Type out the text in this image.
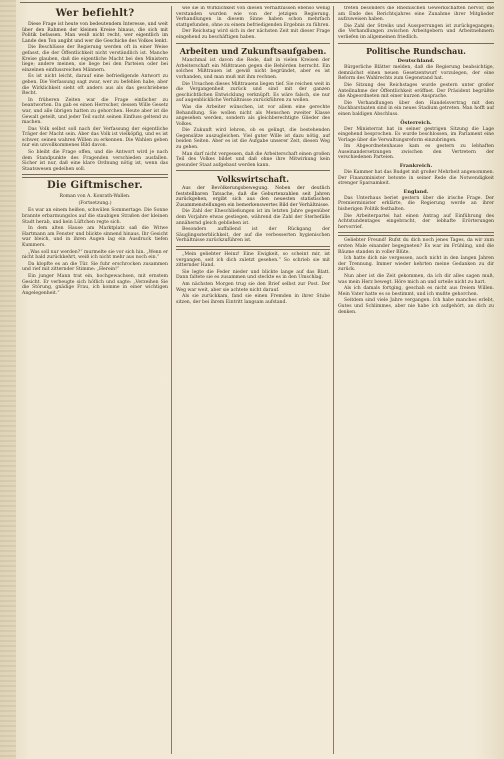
Wer befiehlt?

Diese Frage ist heute von bedeutendem Interesse, und weit über den Rahmen der kleinen Kreise hinaus, die sich mit Politik befassen. Man weiß nicht recht, wer eigentlich im Lande den Ton angibt und wer die Geschicke des Volkes lenkt.

Die Beschlüsse der Regierung werden oft in einer Weise gefasst, die der Öffentlichkeit nicht verständlich ist. Manche Kreise glauben, daß die eigentliche Macht bei den Ministern liege; andere meinen, sie liege bei den Parteien oder bei einzelnen einflussreichen Männern.

Es ist nicht leicht, darauf eine befriedigende Antwort zu geben. Die Verfassung sagt zwar, wer zu befehlen habe, aber die Wirklichkeit sieht oft anders aus als das geschriebene Recht.

In früheren Zeiten war die Frage einfacher zu beantworten. Da gab es einen Herrscher, dessen Wille Gesetz war, und alle übrigen hatten zu gehorchen. Heute aber ist die Gewalt geteilt, und jeder Teil sucht seinen Einfluss geltend zu machen.

Das Volk selbst soll nach der Verfassung der eigentliche Träger der Macht sein. Aber das Volk ist vielköpfig, und es ist schwer, seinen wahren Willen zu erkennen. Die Wahlen geben nur ein unvollkommenes Bild davon.

So bleibt die Frage offen, und die Antwort wird je nach dem Standpunkte des Fragenden verschieden ausfallen. Sicher ist nur, daß eine klare Ordnung nötig ist, wenn das Staatswesen gedeihen soll.

Die Giftmischer.
Roman von A. Konrath-Wallen.
(Fortsetzung.)

Es war an einem heißen, schwülen Sommertage. Die Sonne brannte erbarmungslos auf die staubigen Straßen der kleinen Stadt herab, und kein Lüftchen regte sich.

In dem alten Hause am Marktplatz saß die Witwe Hartmann am Fenster und blickte sinnend hinaus. Ihr Gesicht war bleich, und in ihren Augen lag ein Ausdruck tiefen Kummers.

„Was soll nur werden?“ murmelte sie vor sich hin. „Wenn er nicht bald zurückkehrt, weiß ich nicht mehr aus noch ein.“

Da klopfte es an die Tür. Sie fuhr erschrocken zusammen und rief mit zitternder Stimme: „Herein!“

Ein junger Mann trat ein, hochgewachsen, mit ernstem Gesicht. Er verbeugte sich höflich und sagte: „Verzeihen Sie die Störung, gnädige Frau, ich komme in einer wichtigen Angelegenheit.“

wie sie in Wirklichkeit von diesen Verhältnissen ebenso wenig verstanden wurden wie von der jetzigen Regierung. Verhandlungen in diesem Sinne haben schon mehrfach stattgefunden, ohne zu einem befriedigenden Ergebnis zu führen.

Der Reichstag wird sich in der nächsten Zeit mit dieser Frage eingehend zu beschäftigen haben.

Arbeiten und Zukunftsaufgaben.

Manchmal ist davon die Rede, daß in vielen Kreisen der Arbeiterschaft ein Mißtrauen gegen die Behörden herrscht. Ein solches Mißtrauen ist gewiß nicht begründet, aber es ist vorhanden, und man muß mit ihm rechnen.

Die Ursachen dieses Mißtrauens liegen tief. Sie reichen weit in die Vergangenheit zurück und sind mit der ganzen geschichtlichen Entwicklung verknüpft. Es wäre falsch, sie nur auf augenblickliche Verhältnisse zurückführen zu wollen.

Was die Arbeiter wünschen, ist vor allem eine gerechte Behandlung. Sie wollen nicht als Menschen zweiter Klasse angesehen werden, sondern als gleichberechtigte Glieder des Volkes.

Die Zukunft wird lehren, ob es gelingt, die bestehenden Gegensätze auszugleichen. Viel guter Wille ist dazu nötig, auf beiden Seiten. Aber es ist die Aufgabe unserer Zeit, diesen Weg zu gehen.

Man darf nicht vergessen, daß die Arbeiterschaft einen großen Teil des Volkes bildet und daß ohne ihre Mitwirkung kein gesunder Staat aufgebaut werden kann.

Volkswirtschaft.

Aus der Bevölkerungsbewegung. Neben der deutlich feststellbaren Tatsache, daß die Geburtenzahlen seit Jahren zurückgehen, ergibt sich aus den neuesten statistischen Zusammenstellungen ein bemerkenswertes Bild der Verhältnisse.

Die Zahl der Eheschließungen ist im letzten Jahre gegenüber dem Vorjahre etwas gestiegen, während die Zahl der Sterbefälle annähernd gleich geblieben ist.

Besonders auffallend ist der Rückgang der Säuglingssterblichkeit, der auf die verbesserten hygienischen Verhältnisse zurückzuführen ist.

„Mein geliebter Heinz! Eine Ewigkeit, so scheint mir, ist vergangen, seit ich dich zuletzt gesehen.“ So schrieb sie mit zitternder Hand.

Sie legte die Feder nieder und blickte lange auf das Blatt. Dann faltete sie es zusammen und steckte es in den Umschlag.

Am nächsten Morgen trug sie den Brief selbst zur Post. Der Weg war weit, aber sie achtete nicht darauf.

Als sie zurückkam, fand sie einen Fremden in ihrer Stube sitzen, der bei ihrem Eintritt langsam aufstand.

treten besonders die Rheinischen Gewerkschaften hervor, die am Ende des Berichtsjahres eine Zunahme ihrer Mitglieder aufzuweisen haben.

Die Zahl der Streiks und Aussperrungen ist zurückgegangen; die Verhandlungen zwischen Arbeitgebern und Arbeitnehmern verliefen im allgemeinen friedlich.

Politische Rundschau.
Deutschland.

Bürgerliche Blätter melden, daß die Regierung beabsichtige, demnächst einen neuen Gesetzentwurf vorzulegen, der eine Reform des Wahlrechts zum Gegenstand hat.

Die Sitzung des Reichstages wurde gestern unter großer Anteilnahme der Öffentlichkeit eröffnet. Der Präsident begrüßte die Abgeordneten mit einer kurzen Ansprache.

Die Verhandlungen über den Handelsvertrag mit den Nachbarstaaten sind in ein neues Stadium getreten. Man hofft auf einen baldigen Abschluss.

Österreich.

Der Ministerrat hat in seiner gestrigen Sitzung die Lage eingehend besprochen. Es wurde beschlossen, im Parlament eine Vorlage über die Verwaltungsreform einzubringen.

Im Abgeordnetenhause kam es gestern zu lebhaften Auseinandersetzungen zwischen den Vertretern der verschiedenen Parteien.

Frankreich.

Die Kammer hat das Budget mit großer Mehrheit angenommen. Der Finanzminister betonte in seiner Rede die Notwendigkeit strenger Sparsamkeit.

England.

Das Unterhaus beriet gestern über die irische Frage. Der Premierminister erklärte, die Regierung werde an ihrer bisherigen Politik festhalten.

Die Arbeiterpartei hat einen Antrag auf Einführung des Achtstundentages eingebracht, der lebhafte Erörterungen hervorrief.

Geliebter Freund! Rufst du dich noch jenes Tages, da wir zum ersten Male einander begegneten? Es war im Frühling, und die Bäume standen in voller Blüte.

Ich hatte dich nie vergessen, auch nicht in den langen Jahren der Trennung. Immer wieder kehrten meine Gedanken zu dir zurück.

Nun aber ist die Zeit gekommen, da ich dir alles sagen muß, was mein Herz bewegt. Höre mich an und urteile nicht zu hart.

Als ich damals fortging, geschah es nicht aus freiem Willen. Mein Vater hatte es so bestimmt, und ich mußte gehorchen.

Seitdem sind viele Jahre vergangen. Ich habe manches erlebt, Gutes und Schlimmes, aber nie habe ich aufgehört, an dich zu denken.
